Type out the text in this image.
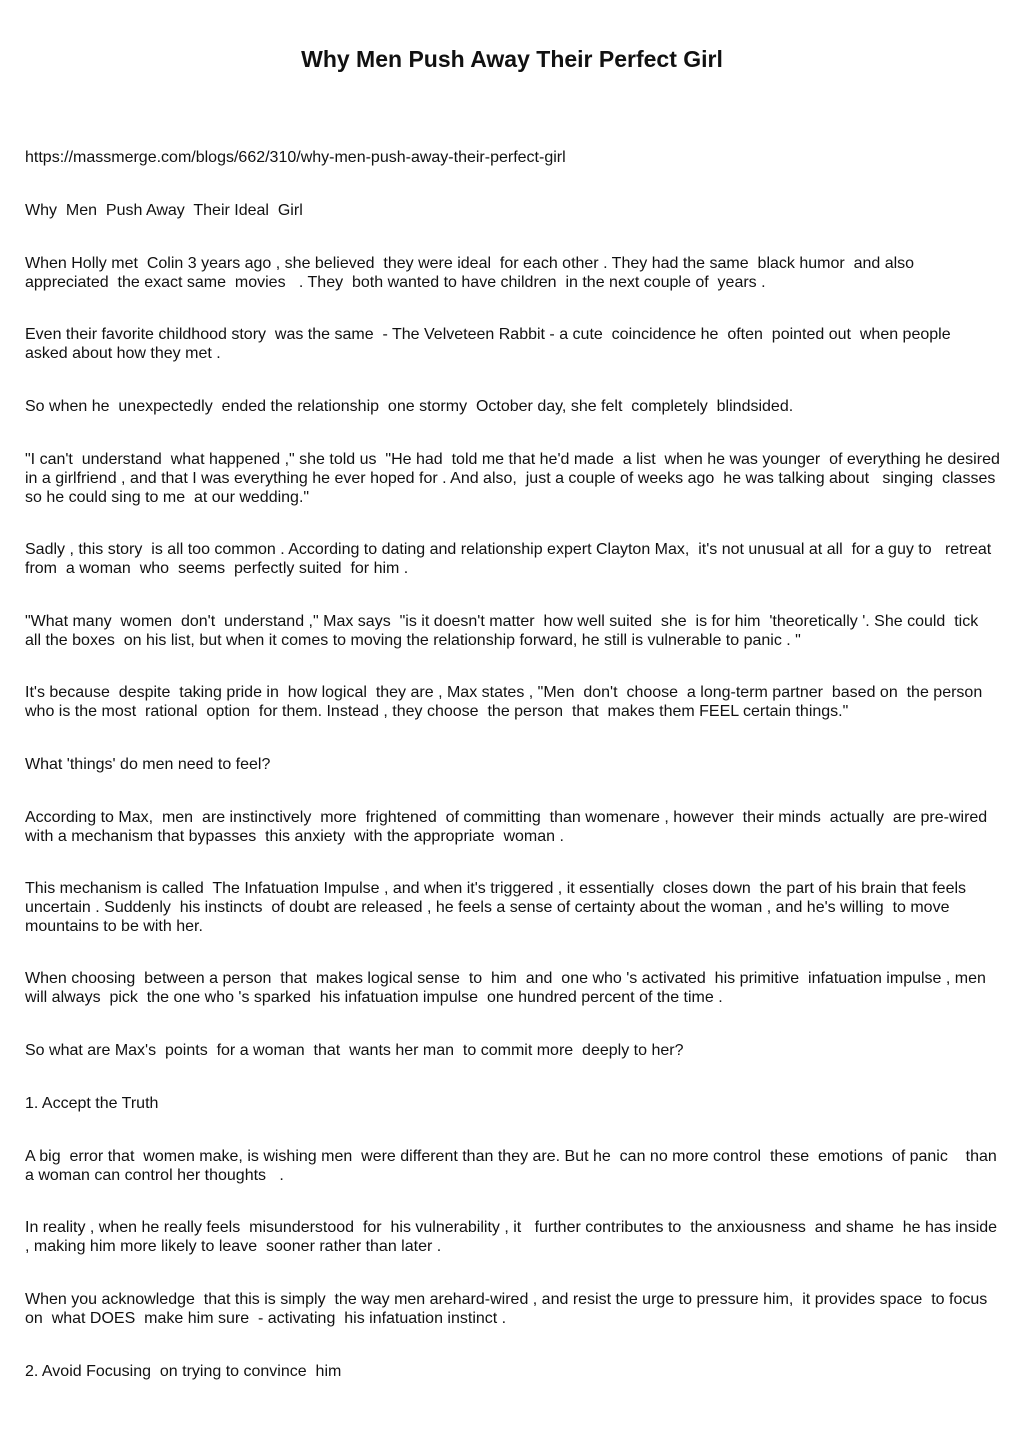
Why Men Push Away Their Perfect Girl

https://massmerge.com/blogs/662/310/why-men-push-away-their-perfect-girl

Why  Men  Push Away  Their Ideal  Girl

When Holly met  Colin 3 years ago , she believed  they were ideal  for each other . They had the same  black humor  and also appreciated  the exact same  movies   . They  both wanted to have children  in the next couple of  years .

Even their favorite childhood story  was the same  - The Velveteen Rabbit - a cute  coincidence he  often  pointed out  when people  asked about how they met .

So when he  unexpectedly  ended the relationship  one stormy  October day, she felt  completely  blindsided.

"I can't  understand  what happened ," she told us  "He had  told me that he'd made  a list  when he was younger  of everything he desired  in a girlfriend , and that I was everything he ever hoped for . And also,  just a couple of weeks ago  he was talking about   singing  classes  so he could sing to me  at our wedding."

Sadly , this story  is all too common . According to dating and relationship expert Clayton Max,  it's not unusual at all  for a guy to   retreat from  a woman  who  seems  perfectly suited  for him .

"What many  women  don't  understand ," Max says  "is it doesn't matter  how well suited  she  is for him  'theoretically '. She could  tick  all the boxes  on his list, but when it comes to moving the relationship forward, he still is vulnerable to panic . "

It's because  despite  taking pride in  how logical  they are , Max states , "Men  don't  choose  a long-term partner  based on  the person who is the most  rational  option  for them. Instead , they choose  the person  that  makes them FEEL certain things."

What 'things' do men need to feel?

According to Max,  men  are instinctively  more  frightened  of committing  than womenare , however  their minds  actually  are pre-wired with a mechanism that bypasses  this anxiety  with the appropriate  woman .

This mechanism is called  The Infatuation Impulse , and when it's triggered , it essentially  closes down  the part of his brain that feels uncertain . Suddenly  his instincts  of doubt are released , he feels a sense of certainty about the woman , and he's willing  to move mountains to be with her.

When choosing  between a person  that  makes logical sense  to  him  and  one who 's activated  his primitive  infatuation impulse , men  will always  pick  the one who 's sparked  his infatuation impulse  one hundred percent of the time .

So what are Max's  points  for a woman  that  wants her man  to commit more  deeply to her?

1. Accept the Truth

A big  error that  women make, is wishing men  were different than they are. But he  can no more control  these  emotions  of panic    than a woman can control her thoughts   .

In reality , when he really feels  misunderstood  for  his vulnerability , it   further contributes to  the anxiousness  and shame  he has inside , making him more likely to leave  sooner rather than later .

When you acknowledge  that this is simply  the way men arehard-wired , and resist the urge to pressure him,  it provides space  to focus on  what DOES  make him sure  - activating  his infatuation instinct .

2. Avoid Focusing  on trying to convince  him
